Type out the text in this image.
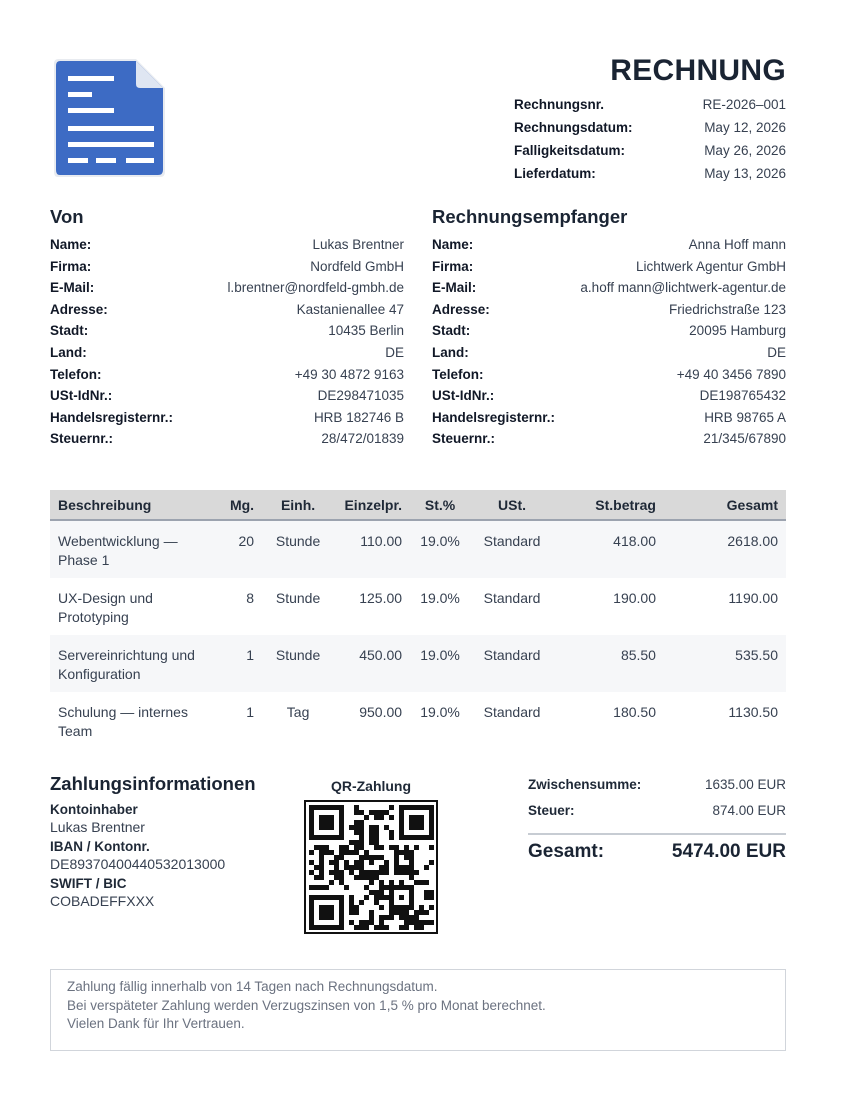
RECHNUNG
Rechnungsnr.	RE-2026–001
Rechnungsdatum:	May 12, 2026
Falligkeitsdatum:	May 26, 2026
Lieferdatum:	May 13, 2026
Von
Name:	Lukas Brentner
Firma:	Nordfeld GmbH
E-Mail:	l.brentner@nordfeld-gmbh.de
Adresse:	Kastanienallee 47
Stadt:	10435 Berlin
Land:	DE
Telefon:	+49 30 4872 9163
USt-IdNr.:	DE298471035
Handelsregisternr.:	HRB 182746 B
Steuernr.:	28/472/01839
Rechnungsempfanger
Name:	Anna Hoff mann
Firma:	Lichtwerk Agentur GmbH
E-Mail:	a.hoff mann@lichtwerk-agentur.de
Adresse:	Friedrichstraße 123
Stadt:	20095 Hamburg
Land:	DE
Telefon:	+49 40 3456 7890
USt-IdNr.:	DE198765432
Handelsregisternr.:	HRB 98765 A
Steuernr.:	21/345/67890
Beschreibung	Mg.	Einh.	Einzelpr.	St.%	USt.	St.betrag	Gesamt
Webentwicklung — Phase 1	20	Stunde	110.00	19.0%	Standard	418.00	2618.00
UX-Design und Prototyping	8	Stunde	125.00	19.0%	Standard	190.00	1190.00
Servereinrichtung und Konfiguration	1	Stunde	450.00	19.0%	Standard	85.50	535.50
Schulung — internes Team	1	Tag	950.00	19.0%	Standard	180.50	1130.50
Zahlungsinformationen
Kontoinhaber
Lukas Brentner
IBAN / Kontonr.
DE89370400440532013000
SWIFT / BIC
COBADEFFXXX
QR-Zahlung	Zwischensumme:	1635.00 EUR
Steuer:	874.00 EUR
Gesamt:	5474.00 EUR
Zahlung fällig innerhalb von 14 Tagen nach Rechnungsdatum.
Bei verspäteter Zahlung werden Verzugszinsen von 1,5 % pro Monat berechnet.
Vielen Dank für Ihr Vertrauen.
